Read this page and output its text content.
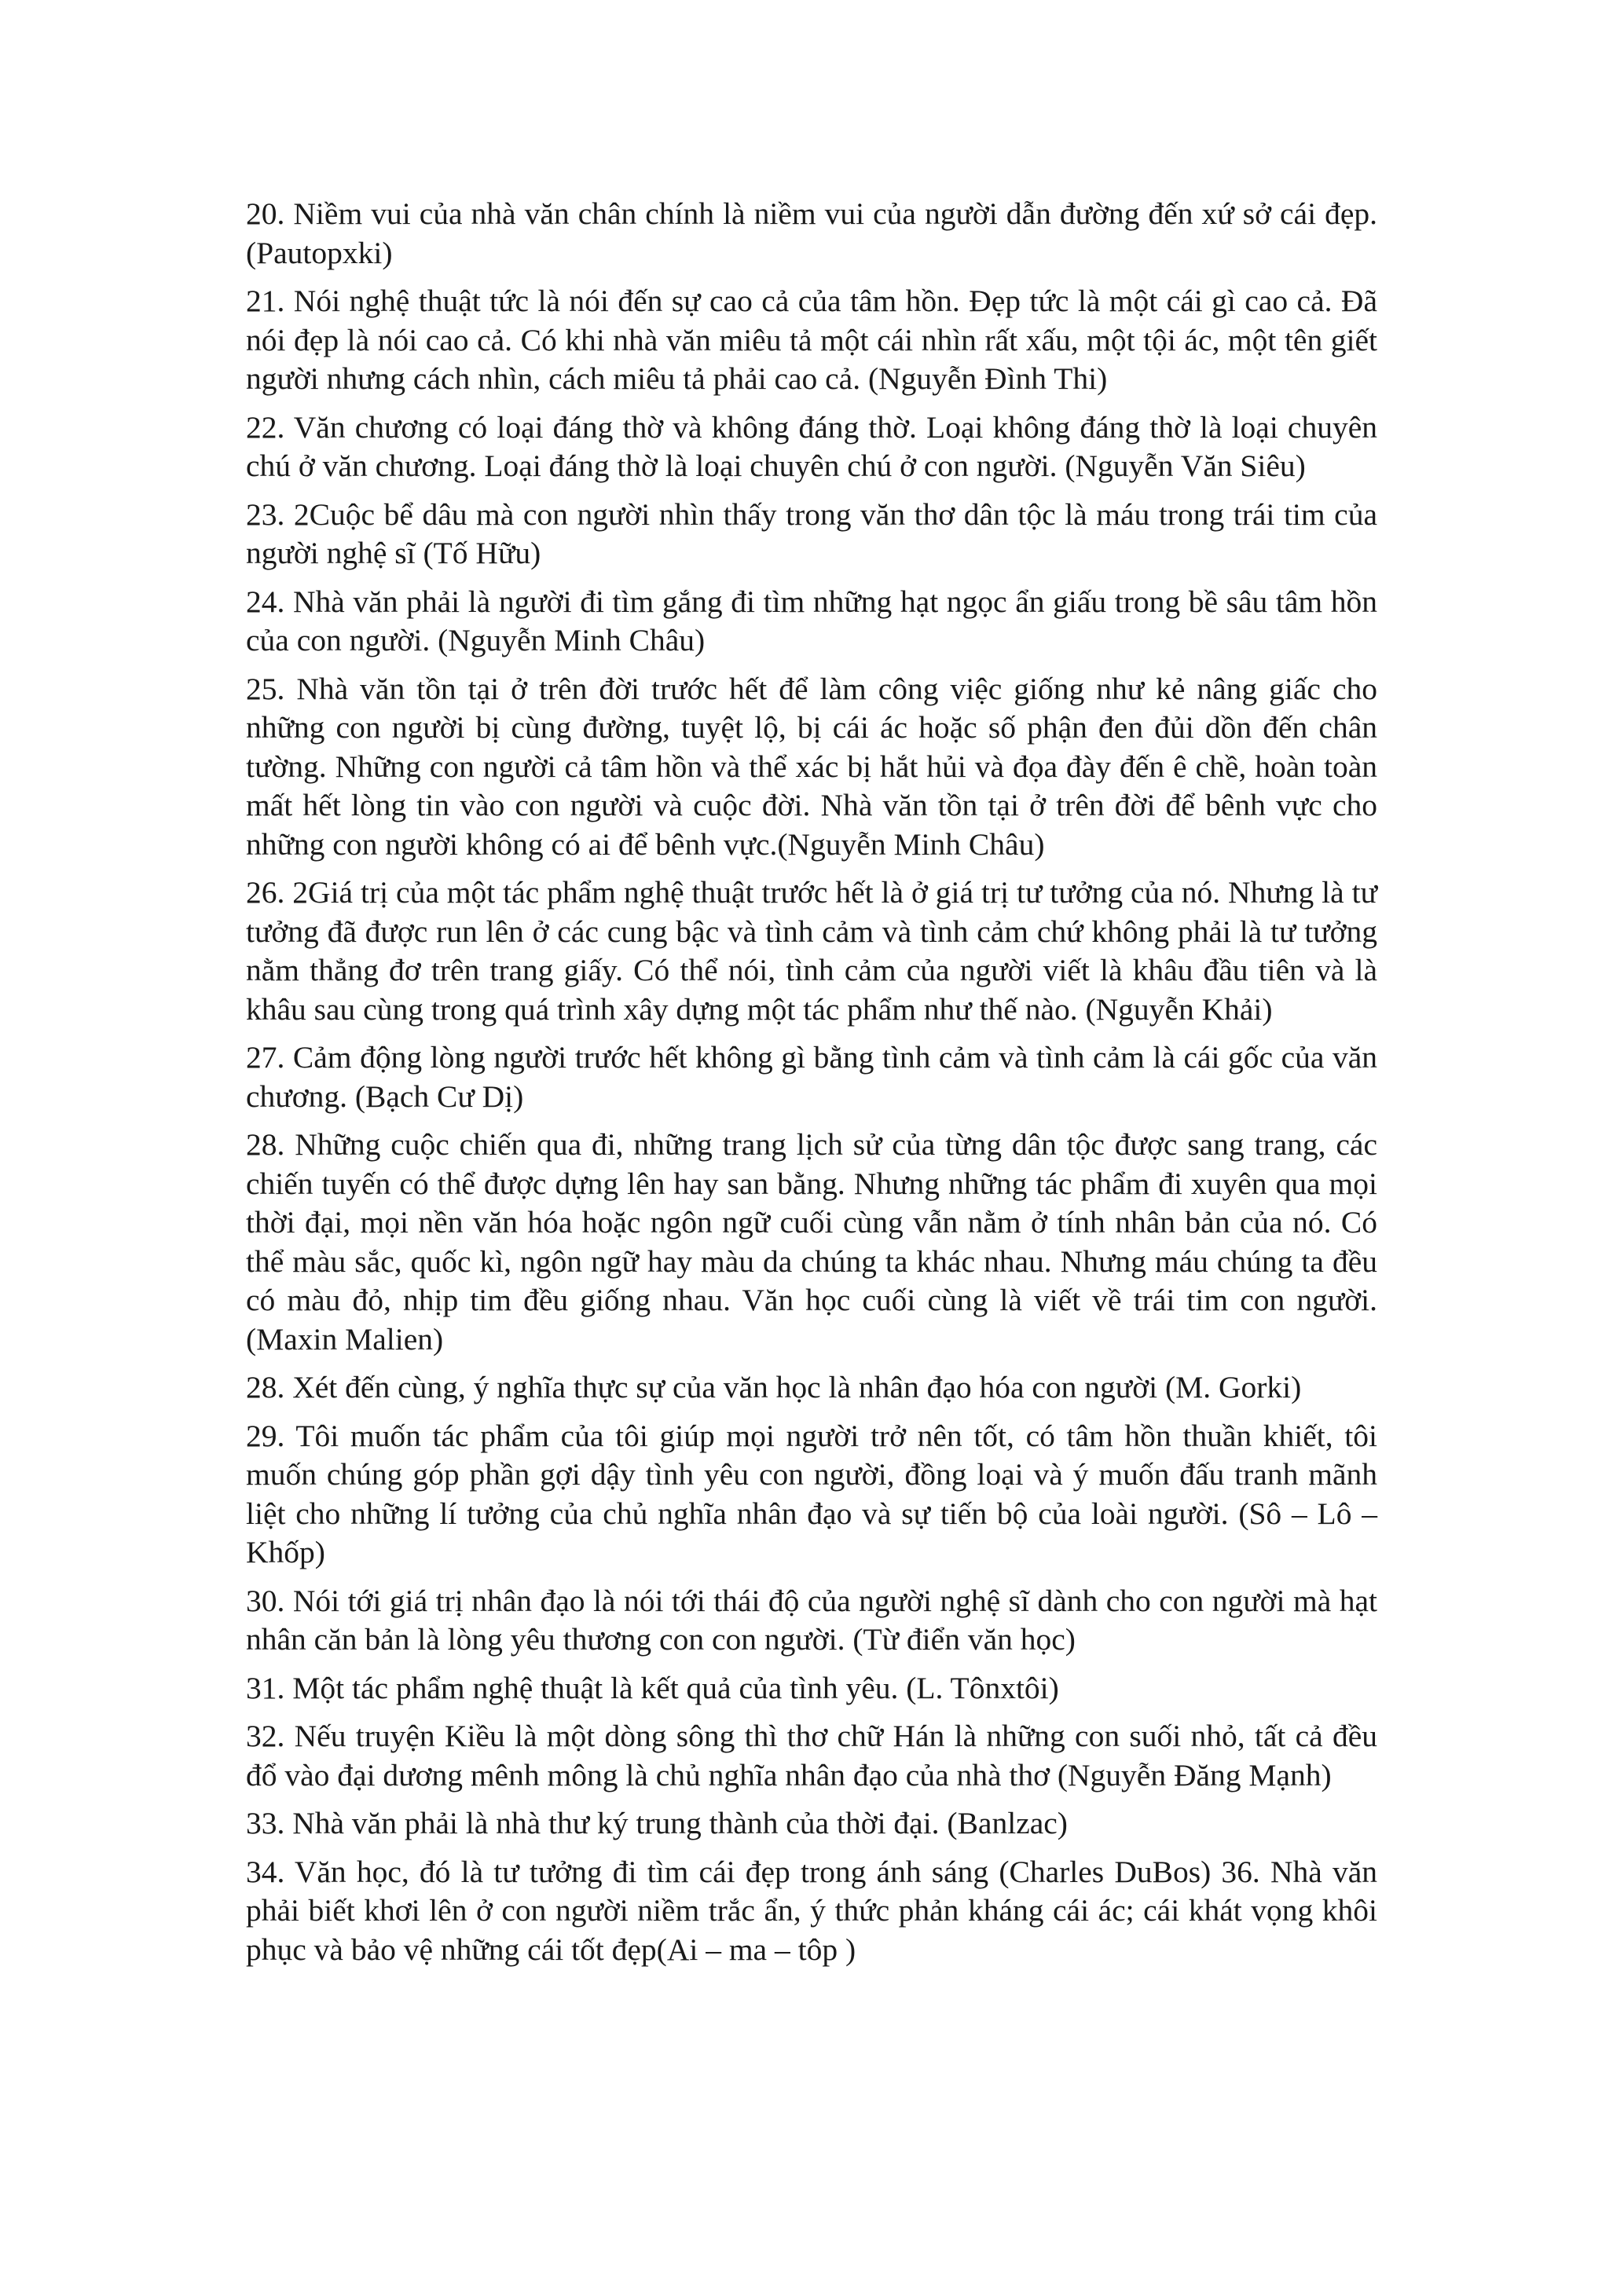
20. Niềm vui của nhà văn chân chính là niềm vui của người dẫn đường đến xứ sở cái đẹp. (Pautopxki)

21. Nói nghệ thuật tức là nói đến sự cao cả của tâm hồn. Đẹp tức là một cái gì cao cả. Đã nói đẹp là nói cao cả. Có khi nhà văn miêu tả một cái nhìn rất xấu, một tội ác, một tên giết người nhưng cách nhìn, cách miêu tả phải cao cả. (Nguyễn Đình Thi)

22. Văn chương có loại đáng thờ và không đáng thờ. Loại không đáng thờ là loại chuyên chú ở văn chương. Loại đáng thờ là loại chuyên chú ở con người. (Nguyễn Văn Siêu)

23. 2Cuộc bể dâu mà con người nhìn thấy trong văn thơ dân tộc là máu trong trái tim của người nghệ sĩ (Tố Hữu)

24. Nhà văn phải là người đi tìm gắng đi tìm những hạt ngọc ẩn giấu trong bề sâu tâm hồn của con người. (Nguyễn Minh Châu)

25. Nhà văn tồn tại ở trên đời trước hết để làm công việc giống như kẻ nâng giấc cho những con người bị cùng đường, tuyệt lộ, bị cái ác hoặc số phận đen đủi dồn đến chân tường. Những con người cả tâm hồn và thể xác bị hắt hủi và đọa đày đến ê chề, hoàn toàn mất hết lòng tin vào con người và cuộc đời. Nhà văn tồn tại ở trên đời để bênh vực cho những con người không có ai để bênh vực.(Nguyễn Minh Châu)

26. 2Giá trị của một tác phẩm nghệ thuật trước hết là ở giá trị tư tưởng của nó. Nhưng là tư tưởng đã được run lên ở các cung bậc và tình cảm và tình cảm chứ không phải là tư tưởng nằm thẳng đơ trên trang giấy. Có thể nói, tình cảm của người viết là khâu đầu tiên và là khâu sau cùng trong quá trình xây dựng một tác phẩm như thế nào. (Nguyễn Khải)

27. Cảm động lòng người trước hết không gì bằng tình cảm và tình cảm là cái gốc của văn chương. (Bạch Cư Dị)

28. Những cuộc chiến qua đi, những trang lịch sử của từng dân tộc được sang trang, các chiến tuyến có thể được dựng lên hay san bằng. Nhưng những tác phẩm đi xuyên qua mọi thời đại, mọi nền văn hóa hoặc ngôn ngữ cuối cùng vẫn nằm ở tính nhân bản của nó. Có thể màu sắc, quốc kì, ngôn ngữ hay màu da chúng ta khác nhau. Nhưng máu chúng ta đều có màu đỏ, nhịp tim đều giống nhau. Văn học cuối cùng là viết về trái tim con người. (Maxin Malien)

28. Xét đến cùng, ý nghĩa thực sự của văn học là nhân đạo hóa con người (M. Gorki)

29. Tôi muốn tác phẩm của tôi giúp mọi người trở nên tốt, có tâm hồn thuần khiết, tôi muốn chúng góp phần gợi dậy tình yêu con người, đồng loại và ý muốn đấu tranh mãnh liệt cho những lí tưởng của chủ nghĩa nhân đạo và sự tiến bộ của loài người. (Sô – Lô – Khốp)

30. Nói tới giá trị nhân đạo là nói tới thái độ của người nghệ sĩ dành cho con người mà hạt nhân căn bản là lòng yêu thương con con người. (Từ điển văn học)

31. Một tác phẩm nghệ thuật là kết quả của tình yêu. (L. Tônxtôi)

32. Nếu truyện Kiều là một dòng sông thì thơ chữ Hán là những con suối nhỏ, tất cả đều đổ vào đại dương mênh mông là chủ nghĩa nhân đạo của nhà thơ (Nguyễn Đăng Mạnh)

33. Nhà văn phải là nhà thư ký trung thành của thời đại. (Banlzac)

34. Văn học, đó là tư tưởng đi tìm cái đẹp trong ánh sáng (Charles DuBos) 36. Nhà văn phải biết khơi lên ở con người niềm trắc ẩn, ý thức phản kháng cái ác; cái khát vọng khôi phục và bảo vệ những cái tốt đẹp(Ai – ma – tôp )
